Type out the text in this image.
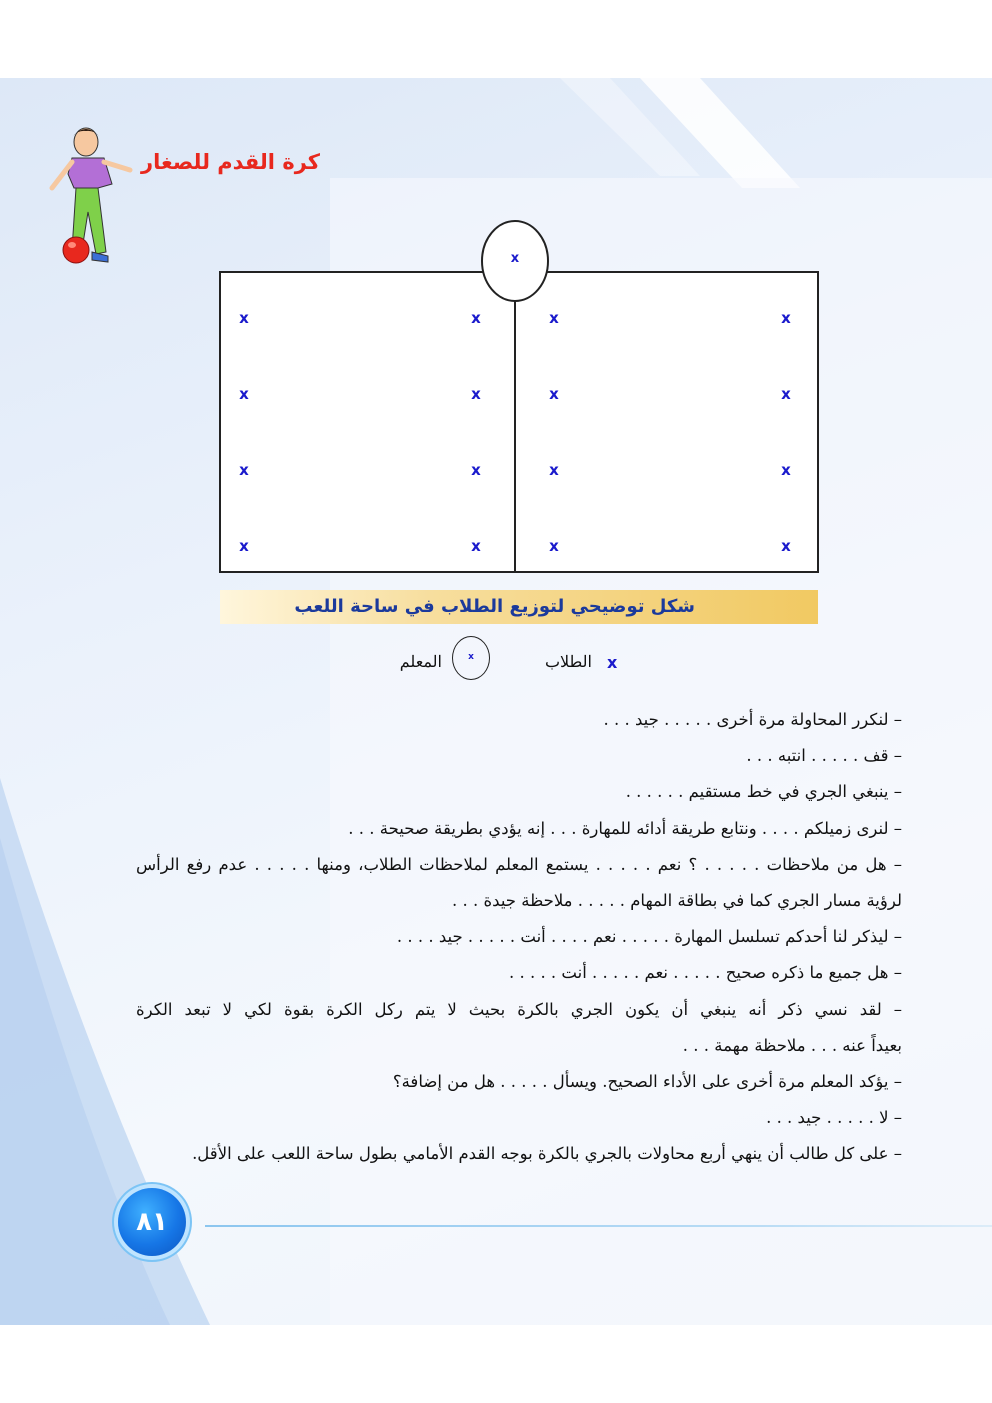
كرة القدم للصغار
x
x	x	x	x
x	x	x	x
x	x	x	x
x	x	x	x
شكل توضيحي لتوزيع الطلاب في ساحة اللعب
x
الطلاب
x
المعلم
– لنكرر المحاولة مرة أخرى . . . . . جيد . . .
– قف . . . . . انتبه . . .
– ينبغي الجري في خط مستقيم . . . . . .
– لنرى زميلكم . . . . ونتابع طريقة أدائه للمهارة . . . إنه يؤدي بطريقة صحيحة . . .
– هل من ملاحظات . . . . . ؟ نعم . . . . . يستمع المعلم لملاحظات الطلاب، ومنها . . . . . عدم رفع الرأس
لرؤية مسار الجري كما في بطاقة المهام . . . . . ملاحظة جيدة . . .
– ليذكر لنا أحدكم تسلسل المهارة . . . . . نعم . . . . أنت . . . . . جيد . . . .
– هل جميع ما ذكره صحيح . . . . . نعم . . . . . أنت . . . . .
– لقد نسي ذكر أنه ينبغي أن يكون الجري بالكرة بحيث لا يتم ركل الكرة بقوة لكي لا تبعد الكرة
بعيداً عنه . . . ملاحظة مهمة . . .
– يؤكد المعلم مرة أخرى على الأداء الصحيح. ويسأل . . . . . هل من إضافة؟
– لا . . . . . جيد . . .
– على كل طالب أن ينهي أربع محاولات بالجري بالكرة بوجه القدم الأمامي بطول ساحة اللعب على الأقل.
٨١
